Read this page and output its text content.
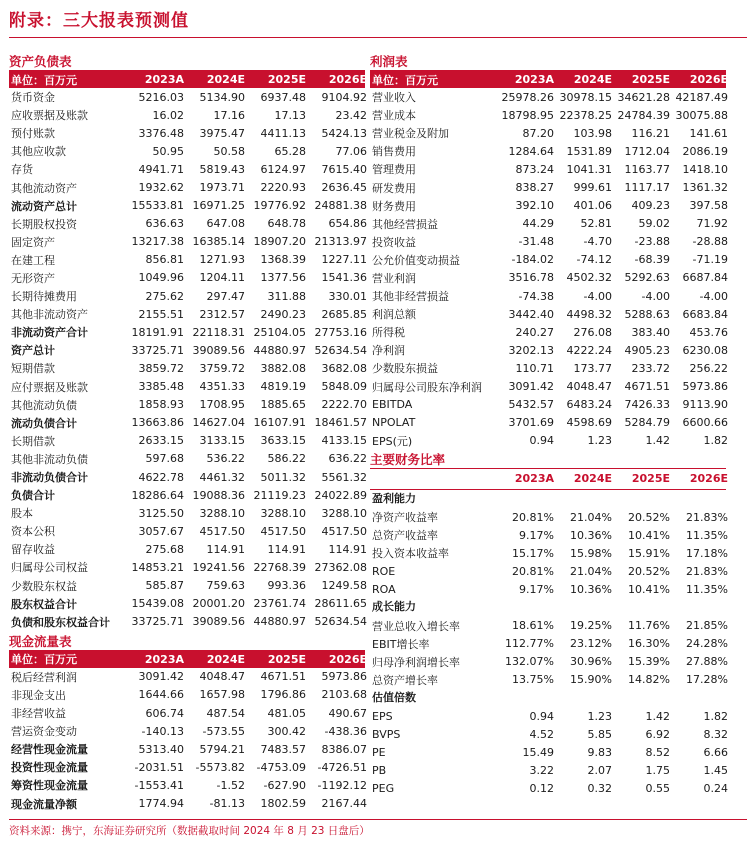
附录：三大报表预测值
资产负债表
单位：百万元	2023A	2024E	2025E	2026E
货币资金	5216.03	5134.90	6937.48	9104.92
应收票据及账款	16.02	17.16	17.13	23.42
预付账款	3376.48	3975.47	4411.13	5424.13
其他应收款	50.95	50.58	65.28	77.06
存货	4941.71	5819.43	6124.97	7615.40
其他流动资产	1932.62	1973.71	2220.93	2636.45
流动资产总计	15533.81 16971.25 19776.92 24881.38
长期股权投资	636.63	647.08	648.78	654.86
固定资产	13217.38 16385.14 18907.20 21313.97
在建工程	856.81	1271.93	1368.39	1227.11
无形资产	1049.96	1204.11	1377.56	1541.36
长期待摊费用	275.62	297.47	311.88	330.01
其他非流动资产	2155.51	2312.57	2490.23	2685.85
非流动资产合计	18191.91 22118.31 25104.05 27753.16
资产总计	33725.71 39089.56 44880.97 52634.54
短期借款	3859.72	3759.72	3882.08	3682.08
应付票据及账款	3385.48	4351.33	4819.19	5848.09
其他流动负债	1858.93	1708.95	1885.65	2222.70
流动负债合计	13663.86 14627.04 16107.91 18461.57
长期借款	2633.15	3133.15	3633.15	4133.15
其他非流动负债	597.68	536.22	586.22	636.22
非流动负债合计	4622.78	4461.32	5011.32	5561.32
负债合计	18286.64 19088.36 21119.23 24022.89
股本	3125.50	3288.10	3288.10	3288.10
资本公积	3057.67	4517.50	4517.50	4517.50
留存收益	275.68	114.91	114.91	114.91
归属母公司权益	14853.21 19241.56 22768.39 27362.08
少数股东权益	585.87	759.63	993.36	1249.58
股东权益合计	15439.08 20001.20 23761.74 28611.65
负债和股东权益合计	33725.71 39089.56 44880.97 52634.54
现金流量表
单位：百万元	2023A	2024E	2025E	2026E
税后经营利润	3091.42	4048.47	4671.51	5973.86
非现金支出	1644.66	1657.98	1796.86	2103.68
非经营收益	606.74	487.54	481.05	490.67
营运资金变动	-140.13	-573.55	300.42	-438.36
经营性现金流量	5313.40	5794.21	7483.57	8386.07
投资性现金流量	-2031.51	-5573.82	-4753.09	-4726.51
筹资性现金流量	-1553.41	-1.52	-627.90	-1192.12
现金流量净额	1774.94	-81.13	1802.59	2167.44
利润表
单位：百万元	2023A	2024E	2025E	2026E
营业收入	25978.26 30978.15 34621.28 42187.49
营业成本	18798.95 22378.25 24784.39 30075.88
营业税金及附加	87.20	103.98	116.21	141.61
销售费用	1284.64	1531.89	1712.04	2086.19
管理费用	873.24	1041.31	1163.77	1418.10
研发费用	838.27	999.61	1117.17	1361.32
财务费用	392.10	401.06	409.23	397.58
其他经营损益	44.29	52.81	59.02	71.92
投资收益	-31.48	-4.70	-23.88	-28.88
公允价值变动损益	-184.02	-74.12	-68.39	-71.19
营业利润	3516.78	4502.32	5292.63	6687.84
其他非经营损益	-74.38	-4.00	-4.00	-4.00
利润总额	3442.40	4498.32	5288.63	6683.84
所得税	240.27	276.08	383.40	453.76
净利润	3202.13	4222.24	4905.23	6230.08
少数股东损益	110.71	173.77	233.72	256.22
归属母公司股东净利润	3091.42	4048.47	4671.51	5973.86
EBITDA	5432.57	6483.24	7426.33	9113.90
NPOLAT	3701.69	4598.69	5284.79	6600.66
EPS(元)	0.94	1.23	1.42	1.82
主要财务比率
2023A	2024E	2025E	2026E
盈利能力
净资产收益率	20.81%	21.04%	20.52%	21.83%
总资产收益率	9.17%	10.36%	10.41%	11.35%
投入资本收益率	15.17%	15.98%	15.91%	17.18%
ROE	20.81%	21.04%	20.52%	21.83%
ROA	9.17%	10.36%	10.41%	11.35%
成长能力
营业总收入增长率	18.61%	19.25%	11.76%	21.85%
EBIT增长率	112.77%	23.12%	16.30%	24.28%
归母净利润增长率	132.07%	30.96%	15.39%	27.88%
总资产增长率	13.75%	15.90%	14.82%	17.28%
估值倍数
EPS	0.94	1.23	1.42	1.82
BVPS	4.52	5.85	6.92	8.32
PE	15.49	9.83	8.52	6.66
PB	3.22	2.07	1.75	1.45
PEG	0.12	0.32	0.55	0.24
资料来源：携宁，东海证券研究所（数据截取时间 2024 年 8 月 23 日盘后）
